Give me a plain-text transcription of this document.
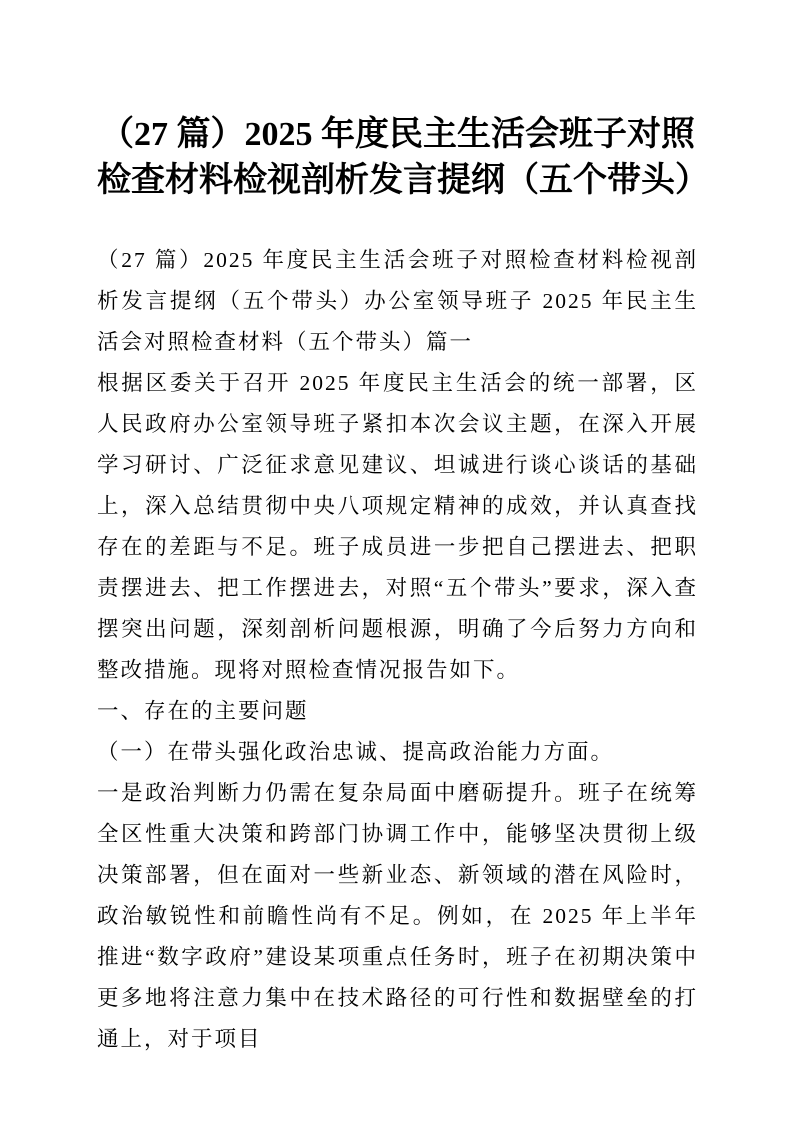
（27 篇）2025 年度民主生活会班子对照检查材料检视剖析发言提纲（五个带头）

（27 篇）2025 年度民主生活会班子对照检查材料检视剖析发言提纲（五个带头）办公室领导班子 2025 年民主生活会对照检查材料（五个带头）篇一

根据区委关于召开 2025 年度民主生活会的统一部署，区人民政府办公室领导班子紧扣本次会议主题，在深入开展学习研讨、广泛征求意见建议、坦诚进行谈心谈话的基础上，深入总结贯彻中央八项规定精神的成效，并认真查找存在的差距与不足。班子成员进一步把自己摆进去、把职责摆进去、把工作摆进去，对照“五个带头”要求，深入查摆突出问题，深刻剖析问题根源，明确了今后努力方向和整改措施。现将对照检查情况报告如下。

一、存在的主要问题

（一）在带头强化政治忠诚、提高政治能力方面。

一是政治判断力仍需在复杂局面中磨砺提升。班子在统筹全区性重大决策和跨部门协调工作中，能够坚决贯彻上级决策部署，但在面对一些新业态、新领域的潜在风险时，政治敏锐性和前瞻性尚有不足。例如，在 2025 年上半年推进“数字政府”建设某项重点任务时，班子在初期决策中更多地将注意力集中在技术路径的可行性和数据壁垒的打通上，对于项目
